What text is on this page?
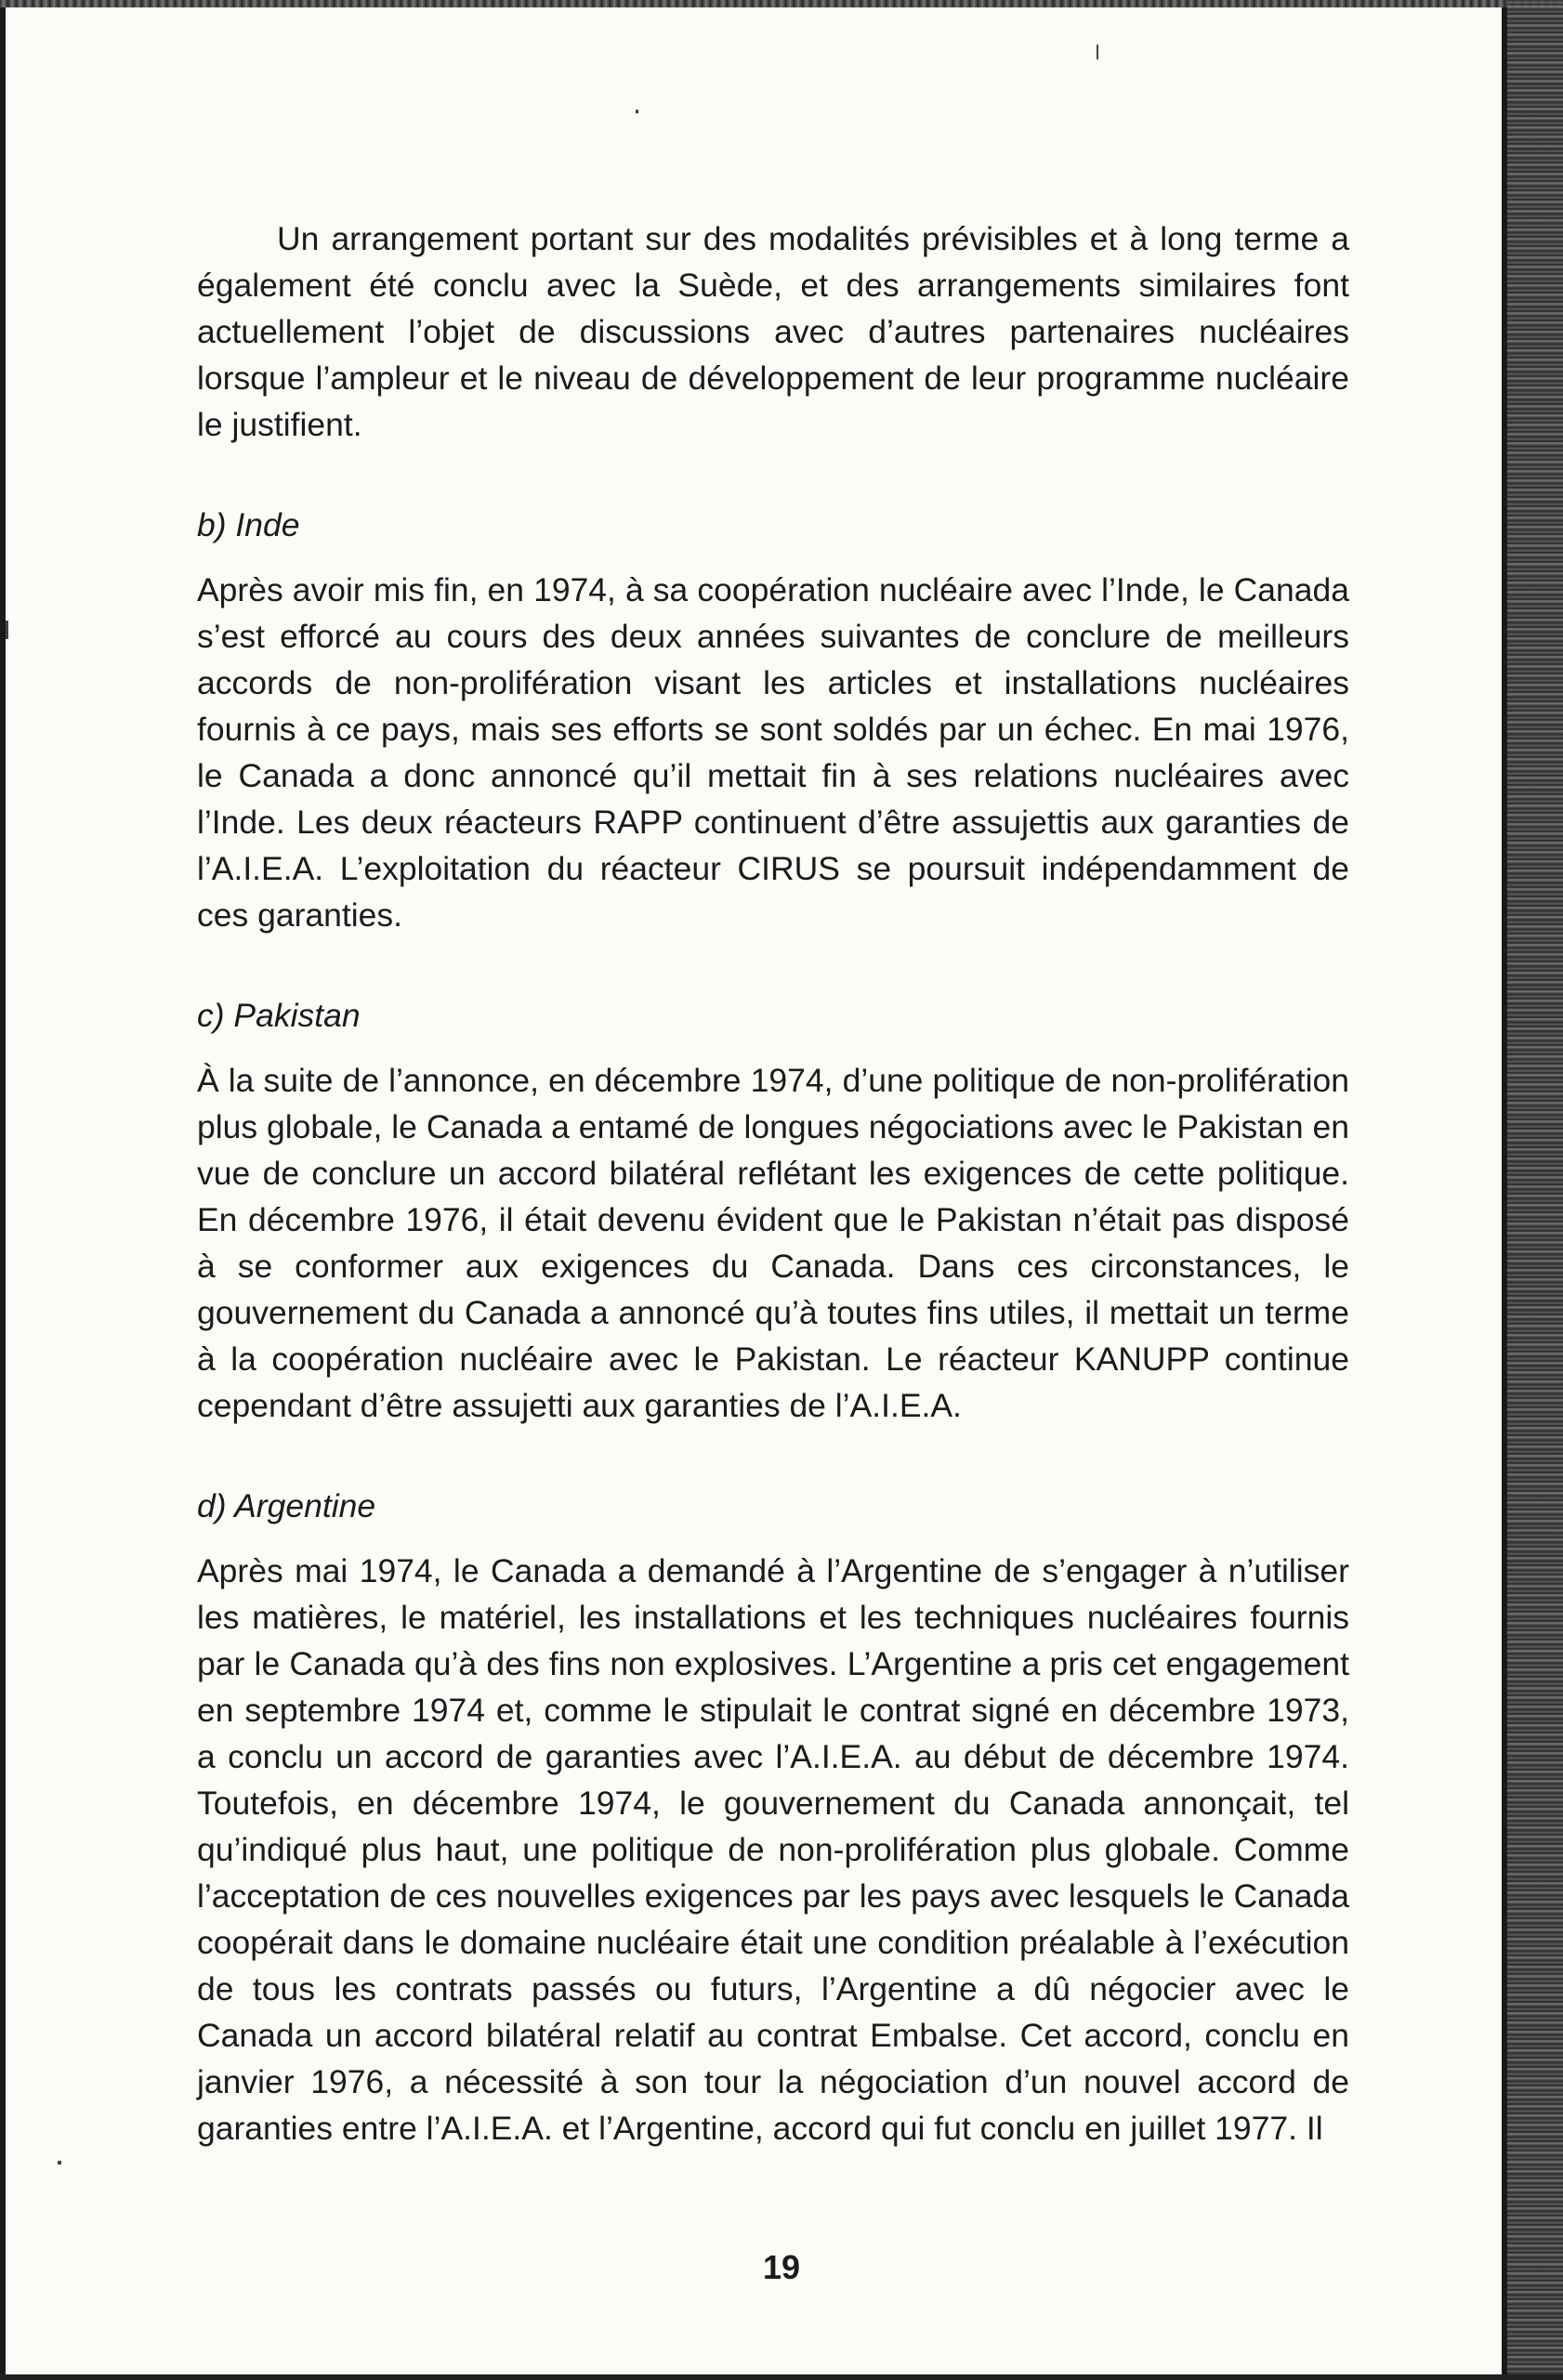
Un arrangement portant sur des modalités prévisibles et à long terme a également été conclu avec la Suède, et des arrangements similaires font actuellement l’objet de discussions avec d’autres partenaires nucléaires lorsque l’ampleur et le niveau de développement de leur programme nucléaire le justifient.

b) Inde

Après avoir mis fin, en 1974, à sa coopération nucléaire avec l’Inde, le Canada s’est efforcé au cours des deux années suivantes de conclure de meilleurs accords de non-prolifération visant les articles et installations nucléaires fournis à ce pays, mais ses efforts se sont soldés par un échec. En mai 1976, le Canada a donc annoncé qu’il mettait fin à ses relations nucléaires avec l’Inde. Les deux réacteurs RAPP continuent d’être assujettis aux garanties de l’A.I.E.A. L’exploitation du réacteur CIRUS se poursuit indépendamment de ces garanties.

c) Pakistan

À la suite de l’annonce, en décembre 1974, d’une politique de non-prolifération plus globale, le Canada a entamé de longues négociations avec le Pakistan en vue de conclure un accord bilatéral reflétant les exigences de cette politique. En décembre 1976, il était devenu évident que le Pakistan n’était pas disposé à se conformer aux exigences du Canada. Dans ces circonstances, le gouvernement du Canada a annoncé qu’à toutes fins utiles, il mettait un terme à la coopération nucléaire avec le Pakistan. Le réacteur KANUPP continue cependant d’être assujetti aux garanties de l’A.I.E.A.

d) Argentine

Après mai 1974, le Canada a demandé à l’Argentine de s’engager à n’utiliser les matières, le matériel, les installations et les techniques nucléaires fournis par le Canada qu’à des fins non explosives. L’Argentine a pris cet engagement en septembre 1974 et, comme le stipulait le contrat signé en décembre 1973, a conclu un accord de garanties avec l’A.I.E.A. au début de décembre 1974. Toutefois, en décembre 1974, le gouvernement du Canada annonçait, tel qu’indiqué plus haut, une politique de non-prolifération plus globale. Comme l’acceptation de ces nouvelles exigences par les pays avec lesquels le Canada coopérait dans le domaine nucléaire était une condition préalable à l’exécution de tous les contrats passés ou futurs, l’Argentine a dû négocier avec le Canada un accord bilatéral relatif au contrat Embalse. Cet accord, conclu en janvier 1976, a nécessité à son tour la négociation d’un nouvel accord de garanties entre l’A.I.E.A. et l’Argentine, accord qui fut conclu en juillet 1977. Il

19
